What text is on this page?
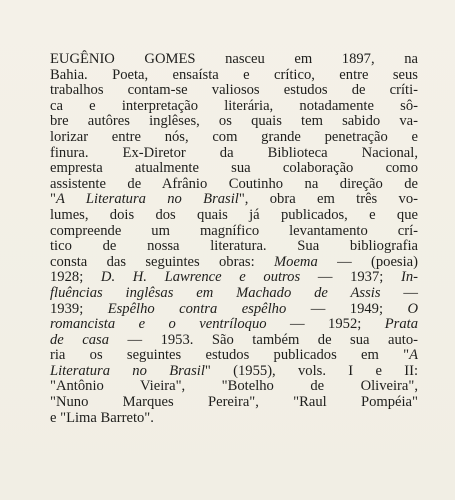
EUGÊNIO GOMES nasceu em 1897, na
Bahia. Poeta, ensaísta e crítico, entre seus
trabalhos contam-se valiosos estudos de críti-
ca e interpretação literária, notadamente sô-
bre autôres inglêses, os quais tem sabido va-
lorizar entre nós, com grande penetração e
finura. Ex-Diretor da Biblioteca Nacional,
empresta atualmente sua colaboração como
assistente de Afrânio Coutinho na direção de
"A Literatura no Brasil", obra em três vo-
lumes, dois dos quais já publicados, e que
compreende um magnífico levantamento crí-
tico de nossa literatura. Sua bibliografia
consta das seguintes obras: Moema — (poesia)
1928; D. H. Lawrence e outros — 1937; In-
fluências inglêsas em Machado de Assis —
1939; Espêlho contra espêlho — 1949; O
romancista e o ventríloquo — 1952; Prata
de casa — 1953. São também de sua auto-
ria os seguintes estudos publicados em "A
Literatura no Brasil" (1955), vols. I e II:
"Antônio Vieira", "Botelho de Oliveira",
"Nuno Marques Pereira", "Raul Pompéia"
e "Lima Barreto".
